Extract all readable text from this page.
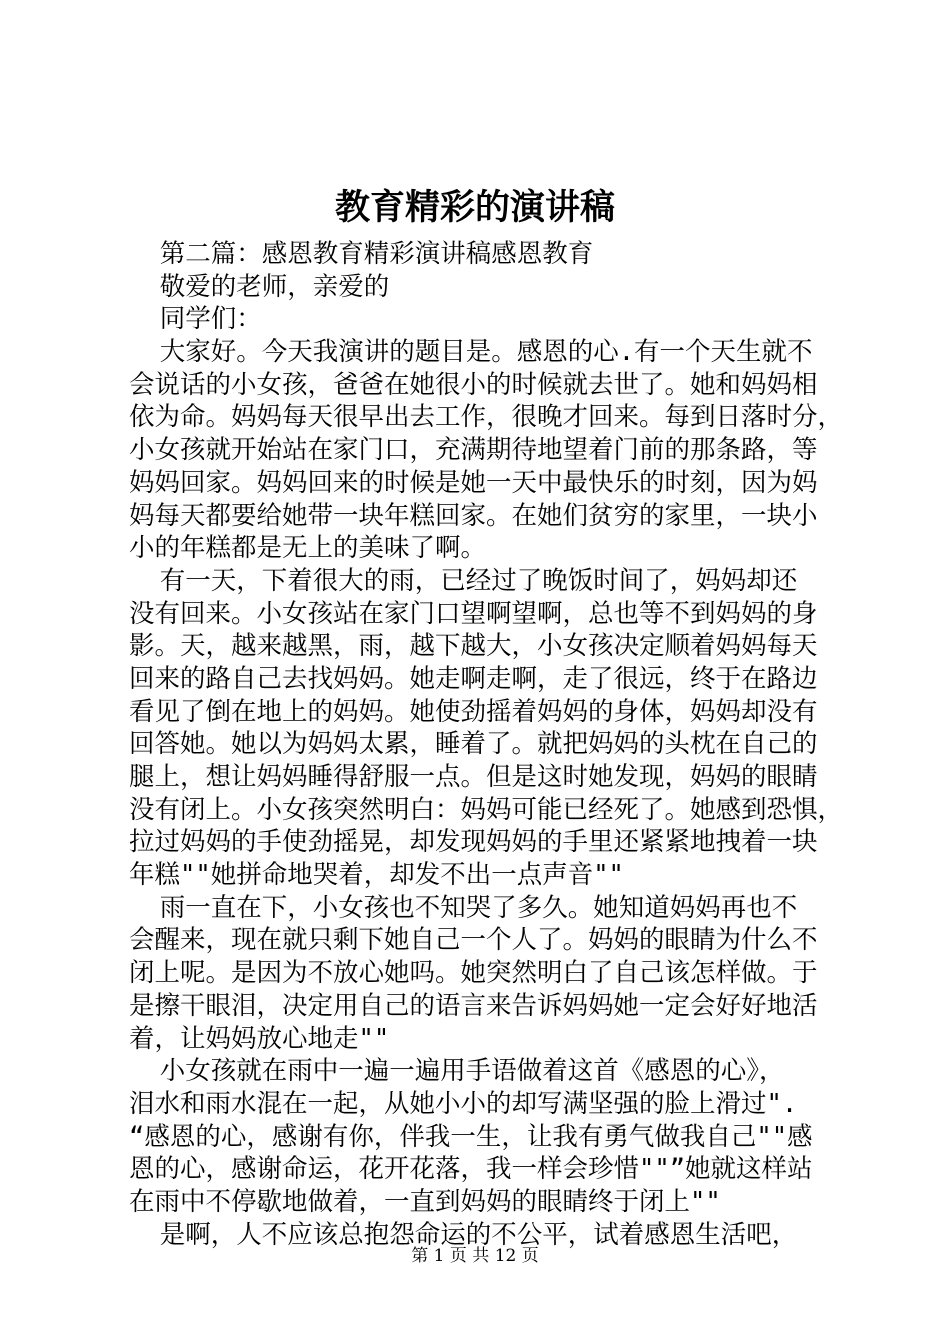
教育精彩的演讲稿
第二篇：感恩教育精彩演讲稿感恩教育
敬爱的老师，亲爱的
同学们：
大家好。今天我演讲的题目是。感恩的心.有一个天生就不
会说话的小女孩，爸爸在她很小的时候就去世了。她和妈妈相
依为命。妈妈每天很早出去工作，很晚才回来。每到日落时分，
小女孩就开始站在家门口，充满期待地望着门前的那条路，等
妈妈回家。妈妈回来的时候是她一天中最快乐的时刻，因为妈
妈每天都要给她带一块年糕回家。在她们贫穷的家里，一块小
小的年糕都是无上的美味了啊。
有一天，下着很大的雨，已经过了晚饭时间了，妈妈却还
没有回来。小女孩站在家门口望啊望啊，总也等不到妈妈的身
影。天，越来越黑，雨，越下越大，小女孩决定顺着妈妈每天
回来的路自己去找妈妈。她走啊走啊，走了很远，终于在路边
看见了倒在地上的妈妈。她使劲摇着妈妈的身体，妈妈却没有
回答她。她以为妈妈太累，睡着了。就把妈妈的头枕在自己的
腿上，想让妈妈睡得舒服一点。但是这时她发现，妈妈的眼睛
没有闭上。小女孩突然明白：妈妈可能已经死了。她感到恐惧，
拉过妈妈的手使劲摇晃，却发现妈妈的手里还紧紧地拽着一块
年糕""她拼命地哭着，却发不出一点声音""
雨一直在下，小女孩也不知哭了多久。她知道妈妈再也不
会醒来，现在就只剩下她自己一个人了。妈妈的眼睛为什么不
闭上呢。是因为不放心她吗。她突然明白了自己该怎样做。于
是擦干眼泪，决定用自己的语言来告诉妈妈她一定会好好地活
着，让妈妈放心地走""
小女孩就在雨中一遍一遍用手语做着这首《感恩的心》，
泪水和雨水混在一起，从她小小的却写满坚强的脸上滑过".
“感恩的心，感谢有你，伴我一生，让我有勇气做我自己""感
恩的心，感谢命运，花开花落，我一样会珍惜""”她就这样站
在雨中不停歇地做着，一直到妈妈的眼睛终于闭上""
是啊，人不应该总抱怨命运的不公平，试着感恩生活吧，
第 1 页 共 12 页
